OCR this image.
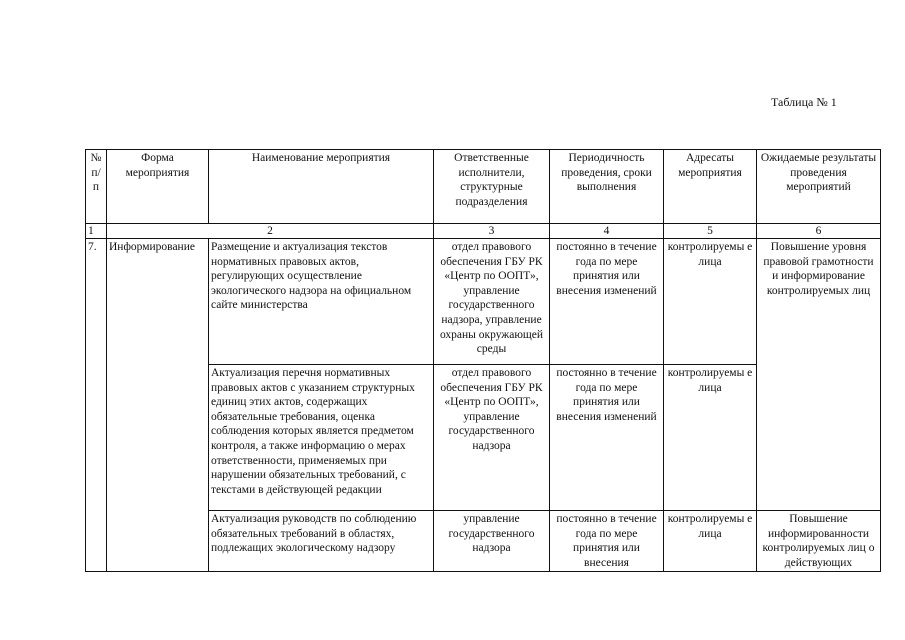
Таблица № 1
№ п/ п	Форма мероприятия	Наименование мероприятия	Ответственные исполнители, структурные подразделения	Периодичность проведения, сроки выполнения	Адресаты мероприятия	Ожидаемые результаты проведения мероприятий
1	2		3	4	5	6
7.	Информирование	Размещение и актуализация текстов нормативных правовых актов, регулирующих осуществление экологического надзора на официальном сайте министерства	отдел правового обеспечения ГБУ РК «Центр по ООПТ», управление государственного надзора, управление охраны окружающей среды	постоянно в течение года по мере принятия или внесения изменений	контролируемы е лица	Повышение уровня правовой грамотности и информирование контролируемых лиц
		Актуализация перечня нормативных правовых актов с указанием структурных единиц этих актов, содержащих обязательные требования, оценка соблюдения которых является предметом контроля, а также информацию о мерах ответственности, применяемых при нарушении обязательных требований, с текстами в действующей редакции	отдел правового обеспечения ГБУ РК «Центр по ООПТ», управление государственного надзора	постоянно в течение года по мере принятия или внесения изменений	контролируемы е лица	
		Актуализация руководств по соблюдению обязательных требований в областях, подлежащих экологическому надзору	управление государственного надзора	постоянно в течение года по мере принятия или внесения	контролируемы е лица	Повышение информированности контролируемых лиц о действующих
